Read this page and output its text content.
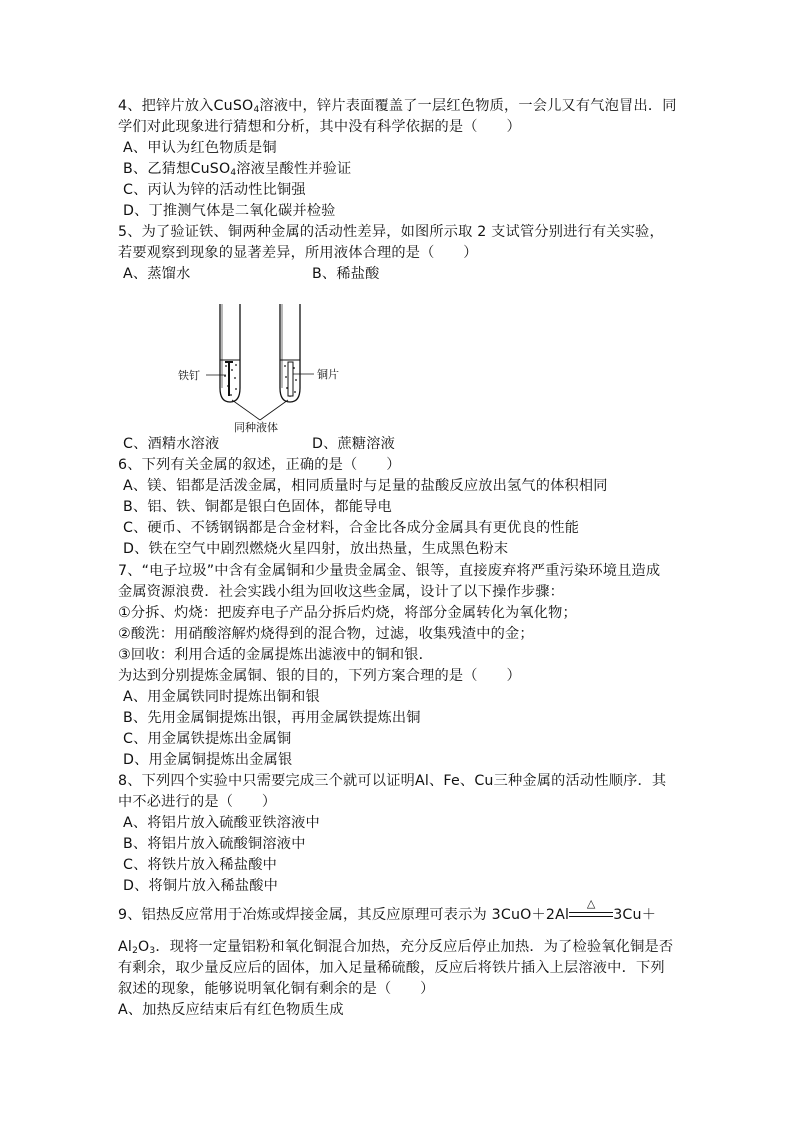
4、把锌片放入CuSO$_4$溶液中，锌片表面覆盖了一层红色物质，一会儿又有气泡冒出．同
学们对此现象进行猜想和分析，其中没有科学依据的是（　　）
A、甲认为红色物质是铜
B、乙猜想CuSO$_4$溶液呈酸性并验证
C、丙认为锌的活动性比铜强
D、丁推测气体是二氧化碳并检验
5、为了验证铁、铜两种金属的活动性差异，如图所示取 2 支试管分别进行有关实验，
若要观察到现象的显著差异，所用液体合理的是（　　）
A、蒸馏水	B、稀盐酸
铁钉	铜片
同种液体
C、酒精水溶液	D、蔗糖溶液
6、下列有关金属的叙述，正确的是（　　）
A、镁、铝都是活泼金属，相同质量时与足量的盐酸反应放出氢气的体积相同
B、铝、铁、铜都是银白色固体，都能导电
C、硬币、不锈钢锅都是合金材料，合金比各成分金属具有更优良的性能
D、铁在空气中剧烈燃烧火星四射，放出热量，生成黑色粉末
7、“电子垃圾”中含有金属铜和少量贵金属金、银等，直接废弃将严重污染环境且造成
金属资源浪费．社会实践小组为回收这些金属，设计了以下操作步骤：
①分拆、灼烧：把废弃电子产品分拆后灼烧，将部分金属转化为氧化物；
②酸洗：用硝酸溶解灼烧得到的混合物，过滤，收集残渣中的金；
③回收：利用合适的金属提炼出滤液中的铜和银．
为达到分别提炼金属铜、银的目的，下列方案合理的是（　　）
A、用金属铁同时提炼出铜和银
B、先用金属铜提炼出银，再用金属铁提炼出铜
C、用金属铁提炼出金属铜
D、用金属铜提炼出金属银
8、下列四个实验中只需要完成三个就可以证明Al、Fe、Cu三种金属的活动性顺序．其
中不必进行的是（　　）
A、将铝片放入硫酸亚铁溶液中
B、将铝片放入硫酸铜溶液中
C、将铁片放入稀盐酸中
D、将铜片放入稀盐酸中
9、铝热反应常用于冶炼或焊接金属，其反应原理可表示为 3CuO＋2Al
△
3Cu＋
$Al_2O_3$．现将一定量铝粉和氧化铜混合加热，充分反应后停止加热．为了检验氧化铜是否
有剩余，取少量反应后的固体，加入足量稀硫酸，反应后将铁片插入上层溶液中．下列
叙述的现象，能够说明氧化铜有剩余的是（　　）
A、加热反应结束后有红色物质生成
